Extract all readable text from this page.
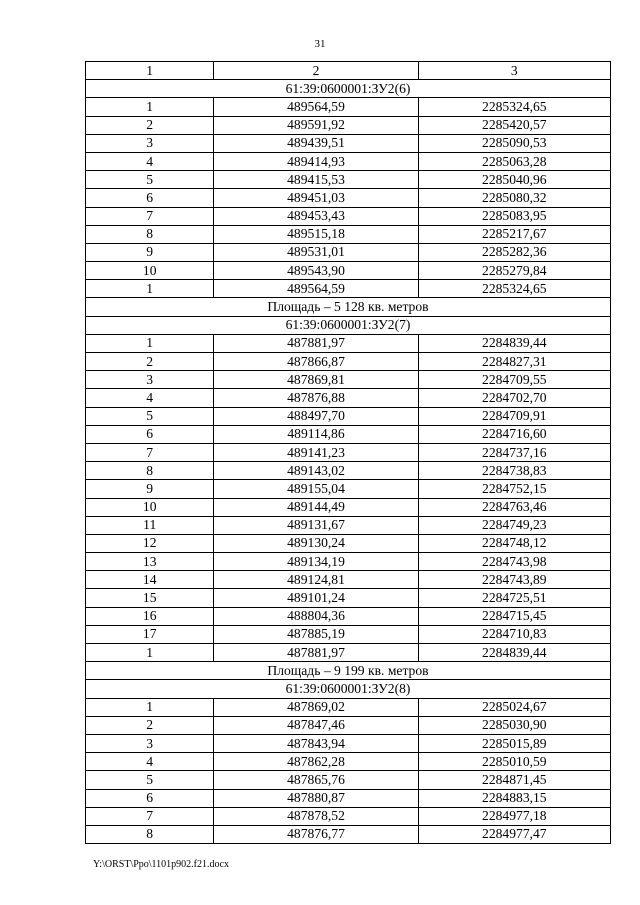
31
1	2	3
61:39:0600001:ЗУ2(6)		
1	489564,59	2285324,65
2	489591,92	2285420,57
3	489439,51	2285090,53
4	489414,93	2285063,28
5	489415,53	2285040,96
6	489451,03	2285080,32
7	489453,43	2285083,95
8	489515,18	2285217,67
9	489531,01	2285282,36
10	489543,90	2285279,84
1	489564,59	2285324,65
Площадь – 5 128 кв. метров		
61:39:0600001:ЗУ2(7)		
1	487881,97	2284839,44
2	487866,87	2284827,31
3	487869,81	2284709,55
4	487876,88	2284702,70
5	488497,70	2284709,91
6	489114,86	2284716,60
7	489141,23	2284737,16
8	489143,02	2284738,83
9	489155,04	2284752,15
10	489144,49	2284763,46
11	489131,67	2284749,23
12	489130,24	2284748,12
13	489134,19	2284743,98
14	489124,81	2284743,89
15	489101,24	2284725,51
16	488804,36	2284715,45
17	487885,19	2284710,83
1	487881,97	2284839,44
Площадь – 9 199 кв. метров		
61:39:0600001:ЗУ2(8)		
1	487869,02	2285024,67
2	487847,46	2285030,90
3	487843,94	2285015,89
4	487862,28	2285010,59
5	487865,76	2284871,45
6	487880,87	2284883,15
7	487878,52	2284977,18
8	487876,77	2284977,47
Y:\ORST\Ppo\1101p902.f21.docx
